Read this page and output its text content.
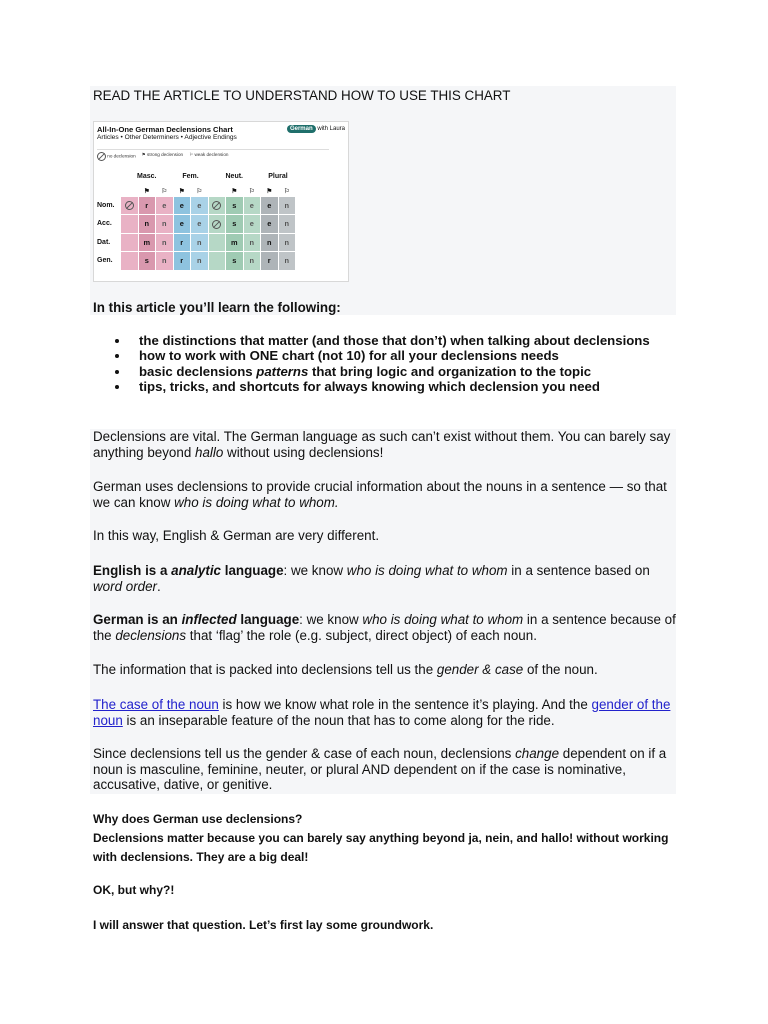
READ THE ARTICLE TO UNDERSTAND HOW TO USE THIS CHART
All-In-One German Declensions Chart
Articles • Other Determiners • Adjective Endings
German with Laura
no declension ⚑ strong declension ⚐ weak declension
	Masc.			Fem.		Neut.			Plural	
		⚑	⚐	⚑	⚐		⚑	⚐	⚑	⚐
Nom.		r	e	e	e		s	e	e	n
Acc.		n	n	e	e		s	e	e	n
Dat.		m	n	r	n		m	n	n	n
Gen.		s	n	r	n		s	n	r	n
In this article you’ll learn the following:
the distinctions that matter (and those that don’t) when talking about declensions
how to work with ONE chart (not 10) for all your declensions needs
basic declensions patterns that bring logic and organization to the topic
tips, tricks, and shortcuts for always knowing which declension you need

Declensions are vital. The German language as such can’t exist without them. You can barely say anything beyond hallo without using declensions!

German uses declensions to provide crucial information about the nouns in a sentence — so that we can know who is doing what to whom.

In this way, English & German are very different.

English is a analytic language: we know who is doing what to whom in a sentence based on word order.

German is an inflected language: we know who is doing what to whom in a sentence because of the declensions that ‘flag’ the role (e.g. subject, direct object) of each noun.

The information that is packed into declensions tell us the gender & case of the noun.

The case of the noun is how we know what role in the sentence it’s playing. And the gender of the noun is an inseparable feature of the noun that has to come along for the ride.

Since declensions tell us the gender & case of each noun, declensions change dependent on if a noun is masculine, feminine, neuter, or plural AND dependent on if the case is nominative, accusative, dative, or genitive.

Why does German use declensions?
Declensions matter because you can barely say anything beyond ja, nein, and hallo! without working with declensions. They are a big deal!
OK, but why?!
I will answer that question. Let’s first lay some groundwork.
